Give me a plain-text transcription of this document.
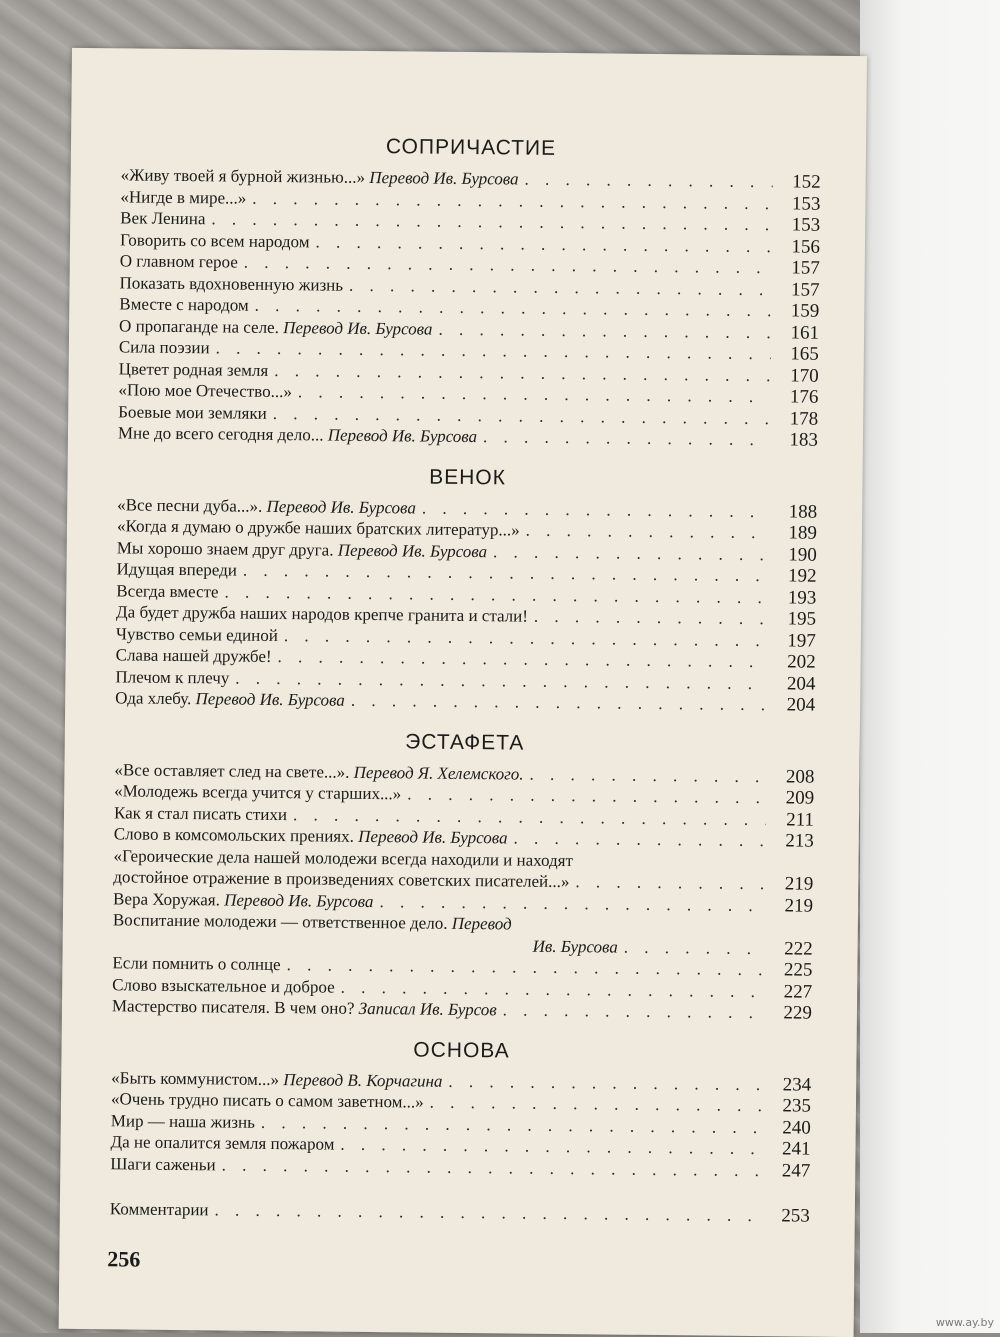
СОПРИЧАСТИЕ
«Живу твоей я бурной жизнью...» Перевод Ив. Бурсова . . .	152
«Нигде в мире...» . . .	153
Век Ленина . . .	153
Говорить со всем народом . . .	156
О главном герое . . .	157
Показать вдохновенную жизнь . . .	157
Вместе с народом . . .	159
О пропаганде на селе. Перевод Ив. Бурсова . . .	161
Сила поэзии . . .	165
Цветет родная земля . . .	170
«Пою мое Отечество...» . . .	176
Боевые мои земляки . . .	178
Мне до всего сегодня дело... Перевод Ив. Бурсова . . .	183
ВЕНОК
«Все песни дуба...». Перевод Ив. Бурсова . . .	188
«Когда я думаю о дружбе наших братских литератур...» . . .	189
Мы хорошо знаем друг друга. Перевод Ив. Бурсова . . .	190
Идущая впереди . . .	192
Всегда вместе . . .	193
Да будет дружба наших народов крепче гранита и стали! . . .	195
Чувство семьи единой . . .	197
Слава нашей дружбе! . . .	202
Плечом к плечу . . .	204
Ода хлебу. Перевод Ив. Бурсова . . .	204
ЭСТАФЕТА
«Все оставляет след на свете...». Перевод Я. Хелемского. . . .	208
«Молодежь всегда учится у старших...» . . .	209
Как я стал писать стихи . . .	211
Слово в комсомольских прениях. Перевод Ив. Бурсова . . .	213
«Героические дела нашей молодежи всегда находили и находят
достойное отражение в произведениях советских писателей...» . . .	219
Вера Хоружая. Перевод Ив. Бурсова . . .	219
Воспитание молодежи — ответственное дело. Перевод
Ив. Бурсова . . .	222
Если помнить о солнце . . .	225
Слово взыскательное и доброе . . .	227
Мастерство писателя. В чем оно? Записал Ив. Бурсов . . .	229
ОСНОВА
«Быть коммунистом...» Перевод В. Корчагина . . .	234
«Очень трудно писать о самом заветном...» . . .	235
Мир — наша жизнь . . .	240
Да не опалится земля пожаром . . .	241
Шаги саженьи . . .	247
Комментарии . . .	253
256
www.ay.by
